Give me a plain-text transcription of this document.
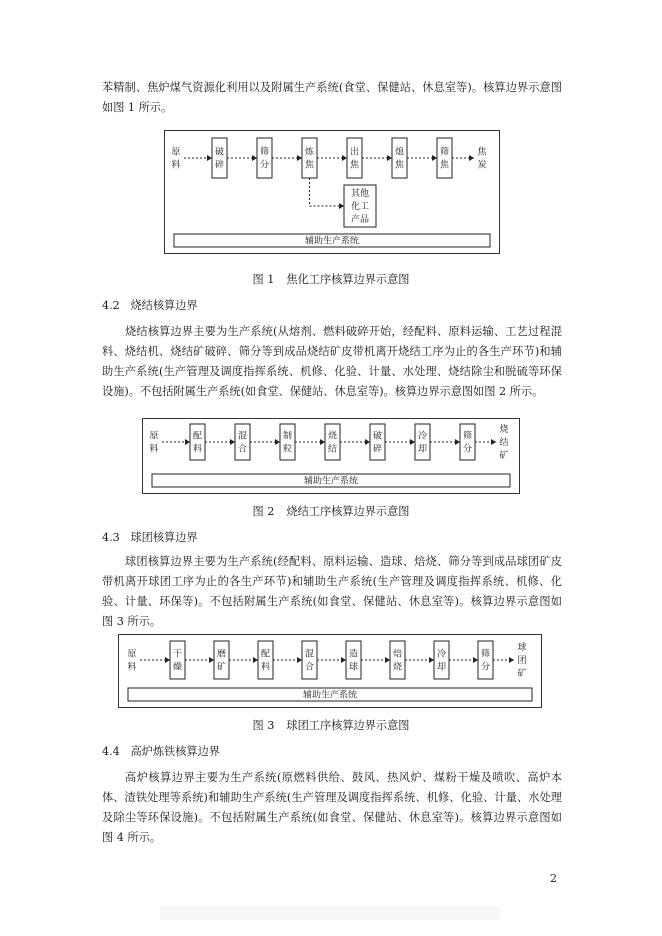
苯精制、焦炉煤气资源化利用以及附属生产系统(食堂、保健站、休息室等)。核算边界示意图如图 1 所示。

原料
破碎
筛分
炼焦
出焦
熄焦
筛焦
焦炭
辅助生产系统
其他化工产品
图 1 焦化工序核算边界示意图
4.2 烧结核算边界

烧结核算边界主要为生产系统(从熔剂、燃料破碎开始，经配料、原料运输、工艺过程混料、烧结机、烧结矿破碎、筛分等到成品烧结矿皮带机离开烧结工序为止的各生产环节)和辅助生产系统(生产管理及调度指挥系统、机修、化验、计量、水处理、烧结除尘和脱硫等环保设施)。不包括附属生产系统(如食堂、保健站、休息室等)。核算边界示意图如图 2 所示。

原料
配料
混合
制粒
烧结
破碎
冷却
筛分
烧结矿
辅助生产系统
图 2 烧结工序核算边界示意图
4.3 球团核算边界

球团核算边界主要为生产系统(经配料、原料运输、造球、焙烧、筛分等到成品球团矿皮带机离开球团工序为止的各生产环节)和辅助生产系统(生产管理及调度指挥系统、机修、化验、计量、环保等)。不包括附属生产系统(如食堂、保健站、休息室等)。核算边界示意图如图 3 所示。

原料
干燥
磨矿
配料
混合
造球
焙烧
冷却
筛分
球团矿
辅助生产系统
图 3 球团工序核算边界示意图
4.4 高炉炼铁核算边界

高炉核算边界主要为生产系统(原燃料供给、鼓风、热风炉、煤粉干燥及喷吹、高炉本体、渣铁处理等系统)和辅助生产系统(生产管理及调度指挥系统、机修、化验、计量、水处理及除尘等环保设施)。不包括附属生产系统(如食堂、保健站、休息室等)。核算边界示意图如图 4 所示。

2
